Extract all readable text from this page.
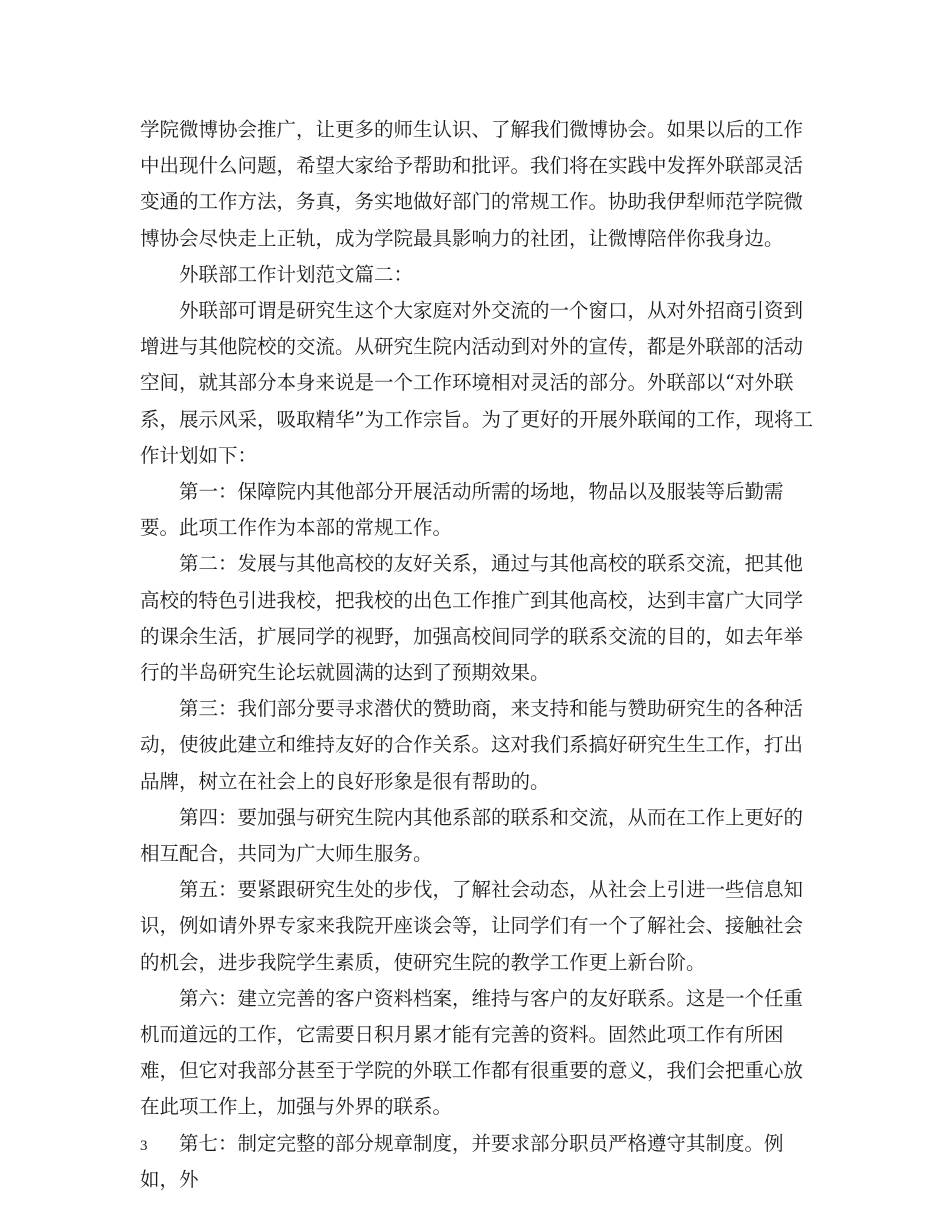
学院微博协会推广，让更多的师生认识、了解我们微博协会。如果以后的工作中出现什么问题，希望大家给予帮助和批评。我们将在实践中发挥外联部灵活变通的工作方法，务真，务实地做好部门的常规工作。协助我伊犁师范学院微博协会尽快走上正轨，成为学院最具影响力的社团，让微博陪伴你我身边。

外联部工作计划范文篇二：

外联部可谓是研究生这个大家庭对外交流的一个窗口，从对外招商引资到增进与其他院校的交流。从研究生院内活动到对外的宣传，都是外联部的活动空间，就其部分本身来说是一个工作环境相对灵活的部分。外联部以“对外联系，展示风采，吸取精华”为工作宗旨。为了更好的开展外联闻的工作，现将工作计划如下：

第一：保障院内其他部分开展活动所需的场地，物品以及服装等后勤需要。此项工作作为本部的常规工作。

第二：发展与其他高校的友好关系，通过与其他高校的联系交流，把其他高校的特色引进我校，把我校的出色工作推广到其他高校，达到丰富广大同学的课余生活，扩展同学的视野，加强高校间同学的联系交流的目的，如去年举行的半岛研究生论坛就圆满的达到了预期效果。

第三：我们部分要寻求潜伏的赞助商，来支持和能与赞助研究生的各种活动，使彼此建立和维持友好的合作关系。这对我们系搞好研究生生工作，打出品牌，树立在社会上的良好形象是很有帮助的。

第四：要加强与研究生院内其他系部的联系和交流，从而在工作上更好的相互配合，共同为广大师生服务。

第五：要紧跟研究生处的步伐，了解社会动态，从社会上引进一些信息知识，例如请外界专家来我院开座谈会等，让同学们有一个了解社会、接触社会的机会，进步我院学生素质，使研究生院的教学工作更上新台阶。

第六：建立完善的客户资料档案，维持与客户的友好联系。这是一个任重机而道远的工作，它需要日积月累才能有完善的资料。固然此项工作有所困难，但它对我部分甚至于学院的外联工作都有很重要的意义，我们会把重心放在此项工作上，加强与外界的联系。

第七：制定完整的部分规章制度，并要求部分职员严格遵守其制度。例如，外

3
